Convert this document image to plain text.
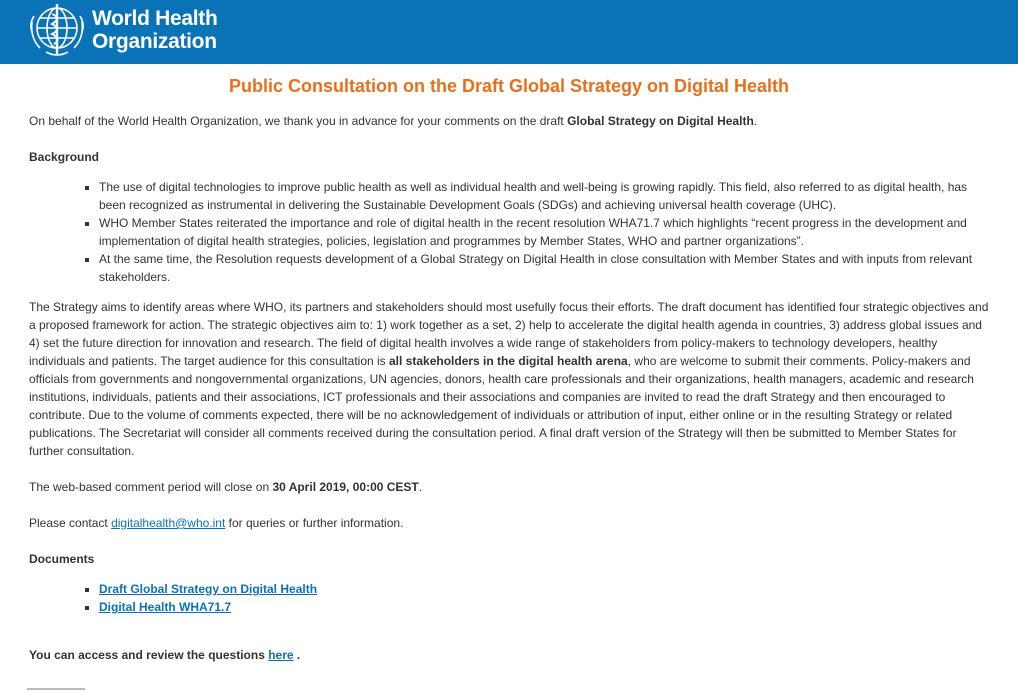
World Health
Organization
Public Consultation on the Draft Global Strategy on Digital Health

On behalf of the World Health Organization, we thank you in advance for your comments on the draft Global Strategy on Digital Health.

Background
▪ The use of digital technologies to improve public health as well as individual health and well-being is growing rapidly. This field, also referred to as digital health, has been recognized as instrumental in delivering the Sustainable Development Goals (SDGs) and achieving universal health coverage (UHC).
▪ WHO Member States reiterated the importance and role of digital health in the recent resolution WHA71.7 which highlights “recent progress in the development and implementation of digital health strategies, policies, legislation and programmes by Member States, WHO and partner organizations”.
▪ At the same time, the Resolution requests development of a Global Strategy on Digital Health in close consultation with Member States and with inputs from relevant stakeholders.

The Strategy aims to identify areas where WHO, its partners and stakeholders should most usefully focus their efforts. The draft document has identified four strategic objectives and a proposed framework for action. The strategic objectives aim to: 1) work together as a set, 2) help to accelerate the digital health agenda in countries, 3) address global issues and 4) set the future direction for innovation and research. The field of digital health involves a wide range of stakeholders from policy-makers to technology developers, healthy individuals and patients. The target audience for this consultation is all stakeholders in the digital health arena, who are welcome to submit their comments. Policy-makers and officials from governments and nongovernmental organizations, UN agencies, donors, health care professionals and their organizations, health managers, academic and research institutions, individuals, patients and their associations, ICT professionals and their associations and companies are invited to read the draft Strategy and then encouraged to contribute. Due to the volume of comments expected, there will be no acknowledgement of individuals or attribution of input, either online or in the resulting Strategy or related publications. The Secretariat will consider all comments received during the consultation period. A final draft version of the Strategy will then be submitted to Member States for further consultation.

The web-based comment period will close on 30 April 2019, 00:00 CEST.

Please contact digitalhealth@who.int for queries or further information.

Documents
▪ Draft Global Strategy on Digital Health
▪ Digital Health WHA71.7

You can access and review the questions here .
